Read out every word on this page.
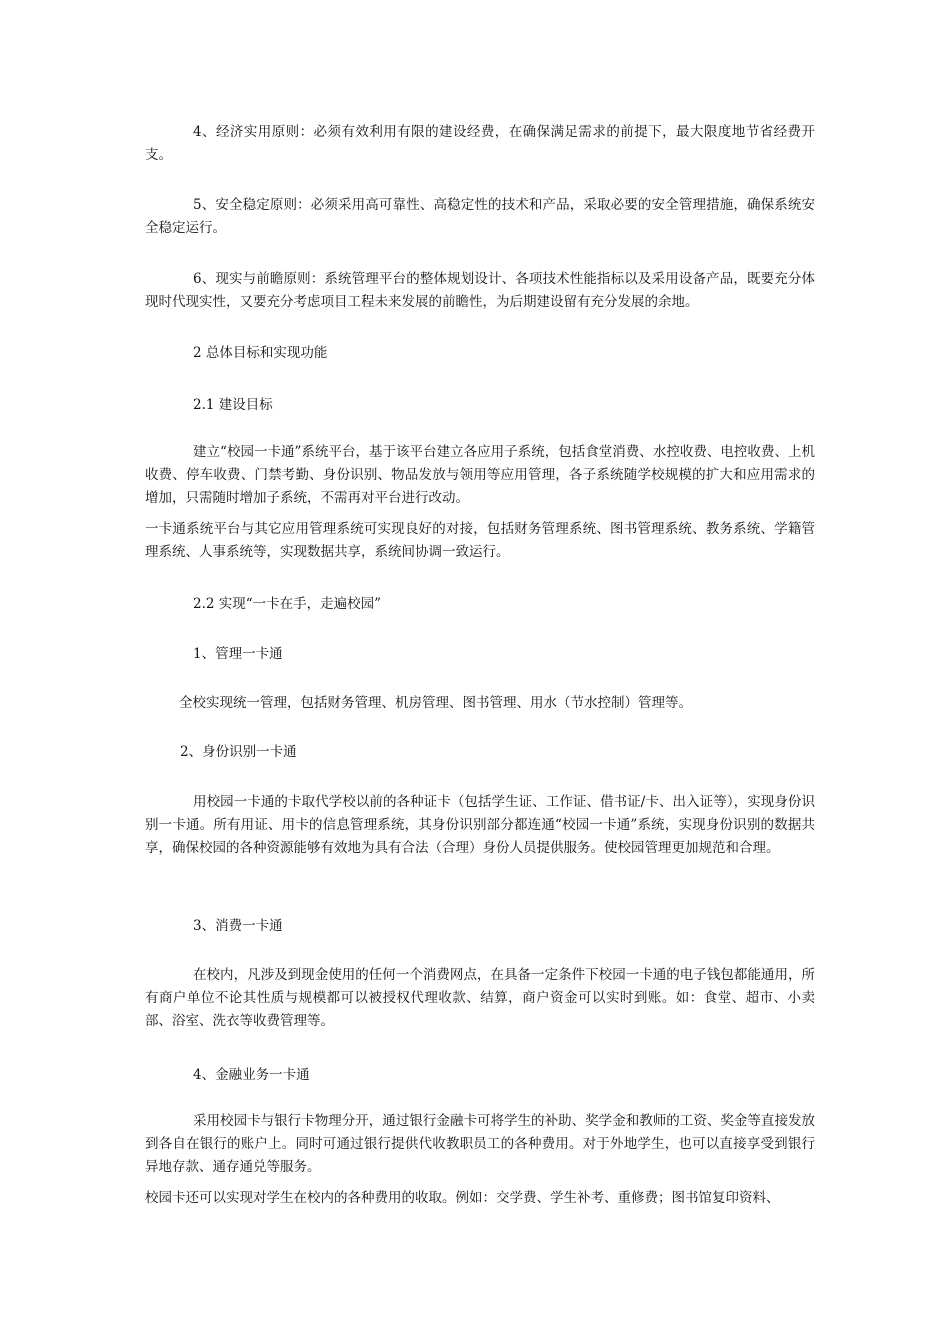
4、经济实用原则：必须有效利用有限的建设经费，在确保满足需求的前提下，最大限度地节省经费开支。

5、安全稳定原则：必须采用高可靠性、高稳定性的技术和产品，采取必要的安全管理措施，确保系统安全稳定运行。

6、现实与前瞻原则：系统管理平台的整体规划设计、各项技术性能指标以及采用设备产品，既要充分体现时代现实性，又要充分考虑项目工程未来发展的前瞻性，为后期建设留有充分发展的余地。

2 总体目标和实现功能

2.1 建设目标

建立“校园一卡通”系统平台，基于该平台建立各应用子系统，包括食堂消费、水控收费、电控收费、上机收费、停车收费、门禁考勤、身份识别、物品发放与领用等应用管理，各子系统随学校规模的扩大和应用需求的增加，只需随时增加子系统，不需再对平台进行改动。

一卡通系统平台与其它应用管理系统可实现良好的对接，包括财务管理系统、图书管理系统、教务系统、学籍管理系统、人事系统等，实现数据共享，系统间协调一致运行。

2.2 实现“一卡在手，走遍校园”

1、管理一卡通

全校实现统一管理，包括财务管理、机房管理、图书管理、用水（节水控制）管理等。

2、身份识别一卡通

用校园一卡通的卡取代学校以前的各种证卡（包括学生证、工作证、借书证/卡、出入证等），实现身份识别一卡通。所有用证、用卡的信息管理系统，其身份识别部分都连通“校园一卡通”系统，实现身份识别的数据共享，确保校园的各种资源能够有效地为具有合法（合理）身份人员提供服务。使校园管理更加规范和合理。

3、消费一卡通

在校内，凡涉及到现金使用的任何一个消费网点，在具备一定条件下校园一卡通的电子钱包都能通用，所有商户单位不论其性质与规模都可以被授权代理收款、结算，商户资金可以实时到账。如：食堂、超市、小卖部、浴室、洗衣等收费管理等。

4、金融业务一卡通

采用校园卡与银行卡物理分开，通过银行金融卡可将学生的补助、奖学金和教师的工资、奖金等直接发放到各自在银行的账户上。同时可通过银行提供代收教职员工的各种费用。对于外地学生，也可以直接享受到银行异地存款、通存通兑等服务。

校园卡还可以实现对学生在校内的各种费用的收取。例如：交学费、学生补考、重修费；图书馆复印资料、
